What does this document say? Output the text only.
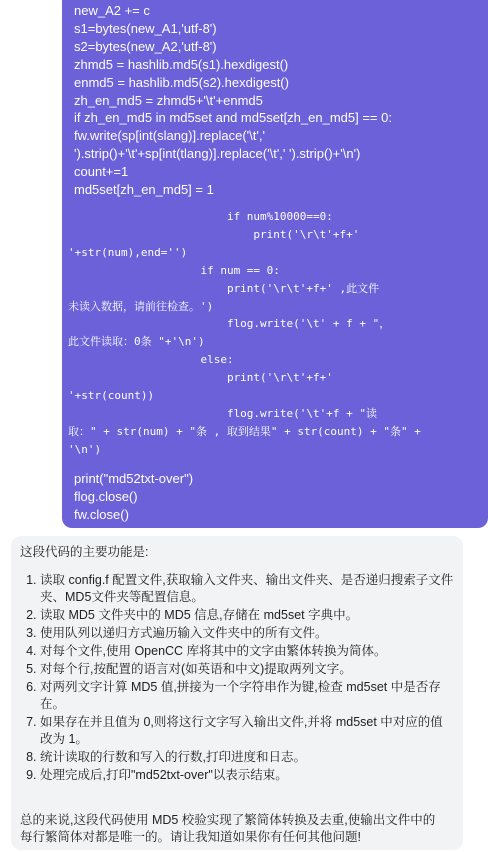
new_A2 += c
s1=bytes(new_A1,'utf-8')
s2=bytes(new_A2,'utf-8')
zhmd5 = hashlib.md5(s1).hexdigest()
enmd5 = hashlib.md5(s2).hexdigest()
zh_en_md5 = zhmd5+'\t'+enmd5
if zh_en_md5 in md5set and md5set[zh_en_md5] == 0:
fw.write(sp[int(slang)].replace('\t','
').strip()+'\t'+sp[int(tlang)].replace('\t',' ').strip()+'\n')
count+=1
md5set[zh_en_md5] = 1
if num%10000==0:
print('\r\t'+f+'
'+str(num),end='')
if num == 0:
print('\r\t'+f+' ,此文件
未读入数据，请前往检查。')
flog.write('\t' + f + "，
此文件读取：0条 "+'\n')
else:
print('\r\t'+f+'
'+str(count))
flog.write('\t'+f + "读
取：" + str(num) + "条 , 取到结果" + str(count) + "条" +
'\n')
print("md52txt-over")
flog.close()
fw.close()
这段代码的主要功能是:
1. 读取 config.f 配置文件,获取输入文件夹、输出文件夹、是否递归搜索子文件夹、MD5文件夹等配置信息。
2. 读取 MD5 文件夹中的 MD5 信息,存储在 md5set 字典中。
3. 使用队列以递归方式遍历输入文件夹中的所有文件。
4. 对每个文件,使用 OpenCC 库将其中的文字由繁体转换为简体。
5. 对每个行,按配置的语言对(如英语和中文)提取两列文字。
6. 对两列文字计算 MD5 值,拼接为一个字符串作为键,检查 md5set 中是否存在。
7. 如果存在并且值为 0,则将这行文字写入输出文件,并将 md5set 中对应的值改为 1。
8. 统计读取的行数和写入的行数,打印进度和日志。
9. 处理完成后,打印"md52txt-over"以表示结束。
总的来说,这段代码使用 MD5 校验实现了繁简体转换及去重,使输出文件中的每行繁简体对都是唯一的。请让我知道如果你有任何其他问题!
